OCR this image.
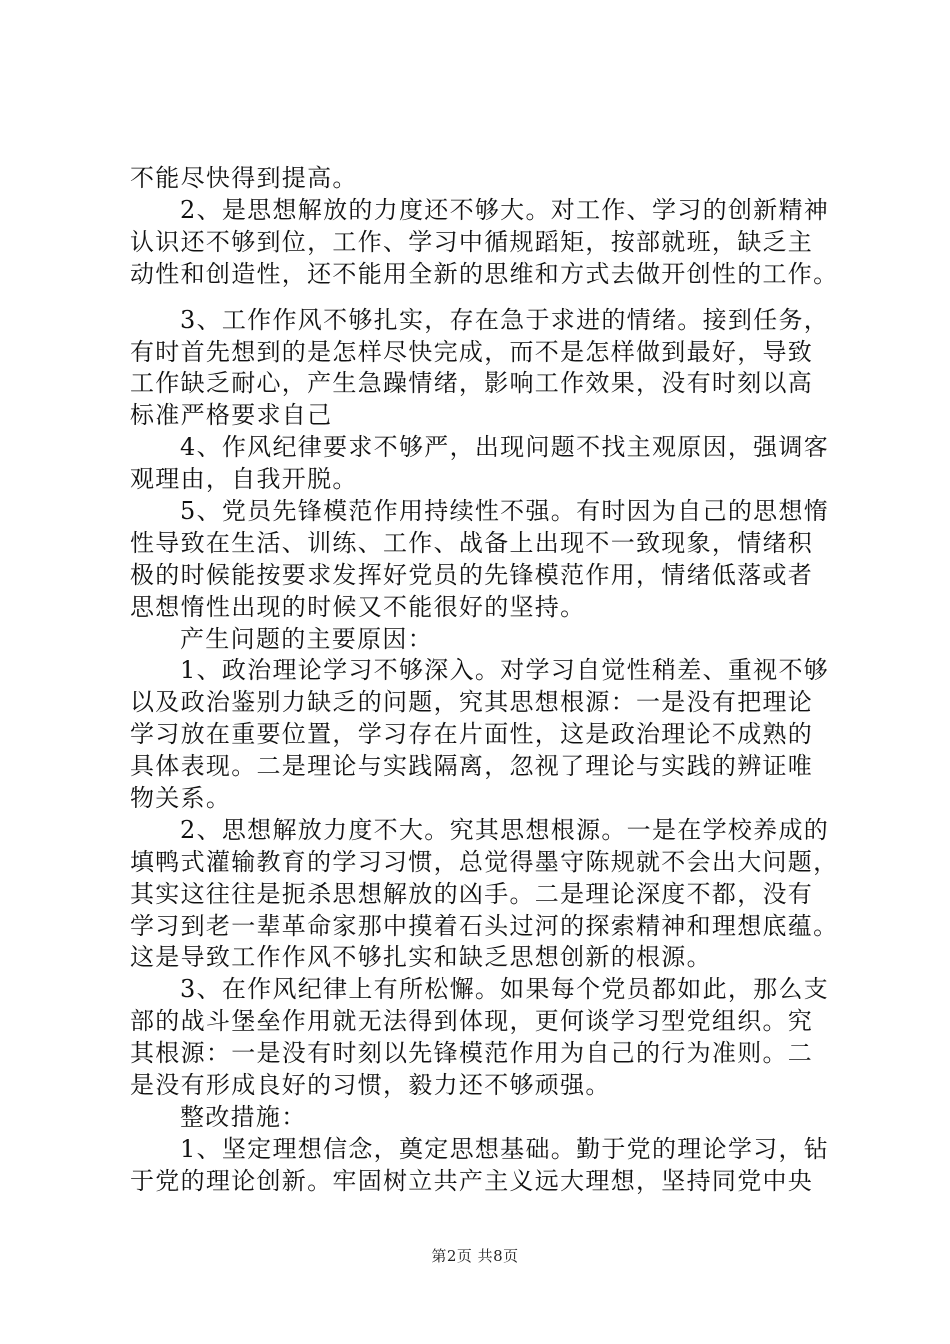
不能尽快得到提高。
2、是思想解放的力度还不够大。对工作、学习的创新精神
认识还不够到位，工作、学习中循规蹈矩，按部就班，缺乏主
动性和创造性，还不能用全新的思维和方式去做开创性的工作。
3、工作作风不够扎实，存在急于求进的情绪。接到任务，
有时首先想到的是怎样尽快完成，而不是怎样做到最好，导致
工作缺乏耐心，产生急躁情绪，影响工作效果，没有时刻以高
标准严格要求自己
4、作风纪律要求不够严，出现问题不找主观原因，强调客
观理由，自我开脱。
5、党员先锋模范作用持续性不强。有时因为自己的思想惰
性导致在生活、训练、工作、战备上出现不一致现象，情绪积
极的时候能按要求发挥好党员的先锋模范作用，情绪低落或者
思想惰性出现的时候又不能很好的坚持。
产生问题的主要原因：
1、政治理论学习不够深入。对学习自觉性稍差、重视不够
以及政治鉴别力缺乏的问题，究其思想根源：一是没有把理论
学习放在重要位置，学习存在片面性，这是政治理论不成熟的
具体表现。二是理论与实践隔离，忽视了理论与实践的辨证唯
物关系。
2、思想解放力度不大。究其思想根源。一是在学校养成的
填鸭式灌输教育的学习习惯，总觉得墨守陈规就不会出大问题，
其实这往往是扼杀思想解放的凶手。二是理论深度不都，没有
学习到老一辈革命家那中摸着石头过河的探索精神和理想底蕴。
这是导致工作作风不够扎实和缺乏思想创新的根源。
3、在作风纪律上有所松懈。如果每个党员都如此，那么支
部的战斗堡垒作用就无法得到体现，更何谈学习型党组织。究
其根源：一是没有时刻以先锋模范作用为自己的行为准则。二
是没有形成良好的习惯，毅力还不够顽强。
整改措施：
1、坚定理想信念，奠定思想基础。勤于党的理论学习，钻
于党的理论创新。牢固树立共产主义远大理想，坚持同党中央
第2页 共8页
